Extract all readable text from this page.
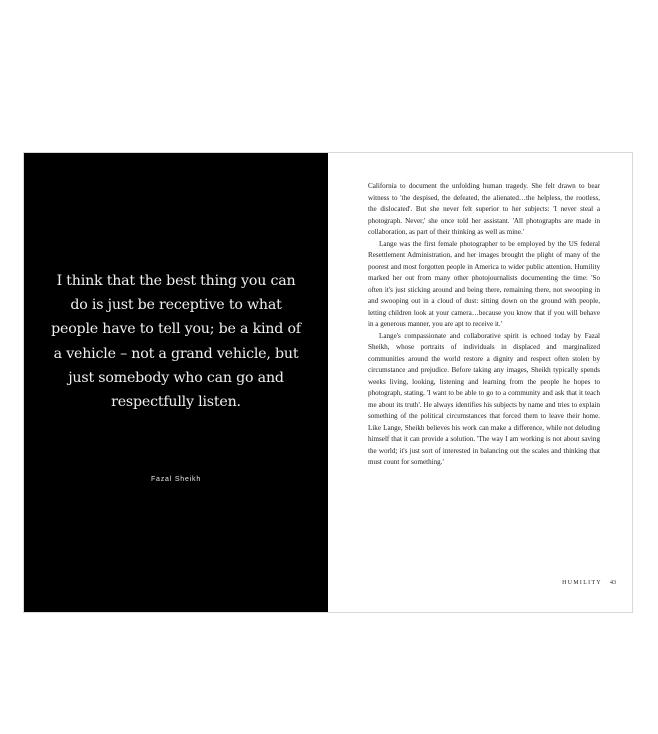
I think that the best thing you can do is just be receptive to what people have to tell you; be a kind of a vehicle – not a grand vehicle, but just somebody who can go and respectfully listen.

Fazal Sheikh

California to document the unfolding human tragedy. She felt drawn to bear witness to 'the despised, the defeated, the alienated…the helpless, the rootless, the dislocated'. But she never felt superior to her subjects: 'I never steal a photograph. Never,' she once told her assistant. 'All photographs are made in collaboration, as part of their thinking as well as mine.'

Lange was the first female photographer to be employed by the US federal Resettlement Administration, and her images brought the plight of many of the poorest and most forgotten people in America to wider public attention. Humility marked her out from many other photojournalists documenting the time: 'So often it's just sticking around and being there, remaining there, not swooping in and swooping out in a cloud of dust: sitting down on the ground with people, letting children look at your camera…because you know that if you will behave in a generous manner, you are apt to receive it.'

Lange's compassionate and collaborative spirit is echoed today by Fazal Sheikh, whose portraits of individuals in displaced and marginalized communities around the world restore a dignity and respect often stolen by circumstance and prejudice. Before taking any images, Sheikh typically spends weeks living, looking, listening and learning from the people he hopes to photograph, stating, 'I want to be able to go to a community and ask that it teach me about its truth'. He always identifies his subjects by name and tries to explain something of the political circumstances that forced them to leave their home. Like Lange, Sheikh believes his work can make a difference, while not deluding himself that it can provide a solution. 'The way I am working is not about saving the world; it's just sort of interested in balancing out the scales and thinking that must count for something.'

HUMILITY 43
